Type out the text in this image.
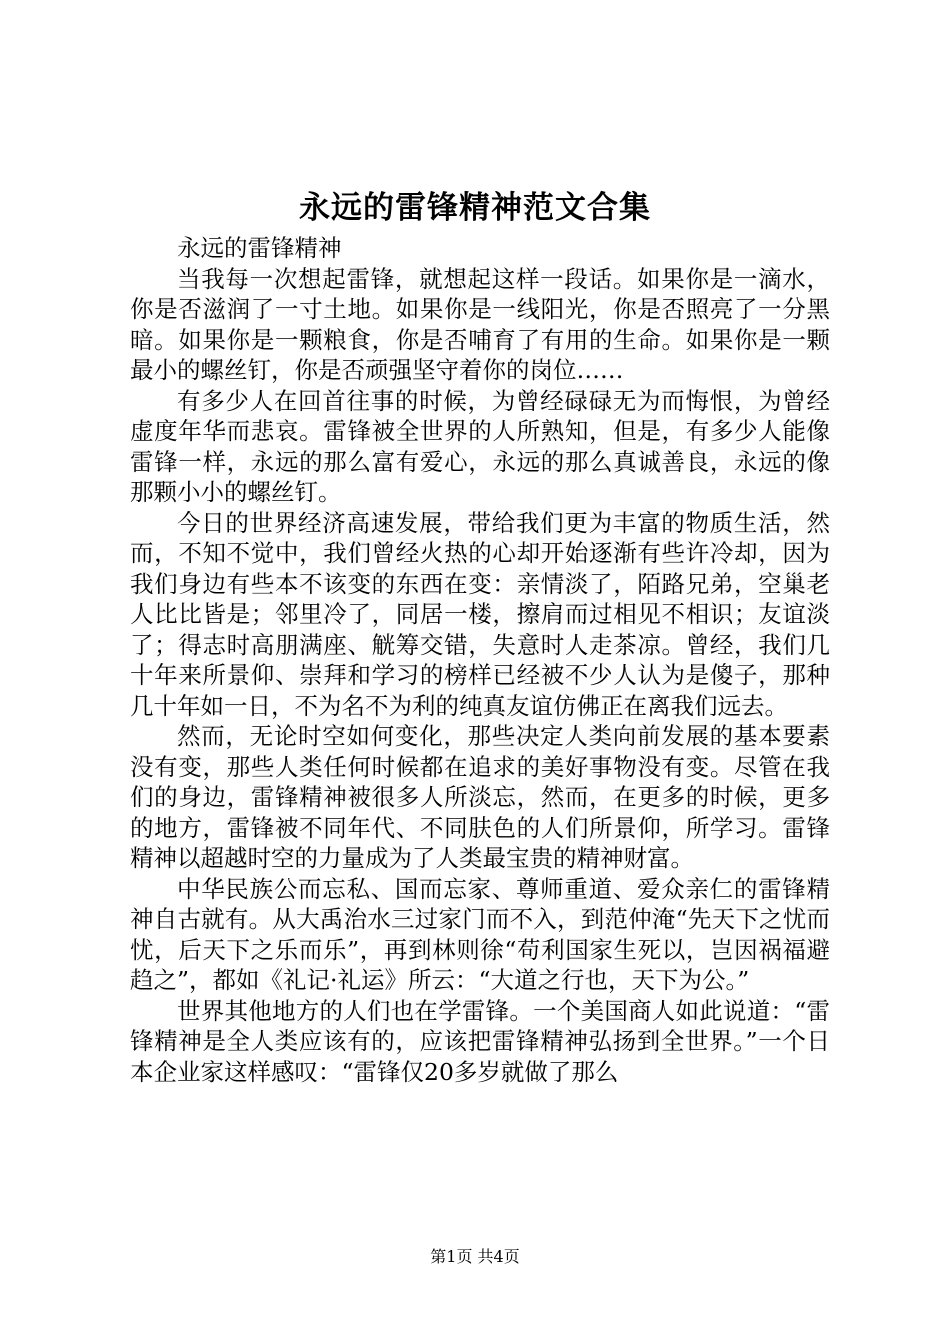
永远的雷锋精神范文合集

永远的雷锋精神

当我每一次想起雷锋，就想起这样一段话。如果你是一滴水，你是否滋润了一寸土地。如果你是一线阳光，你是否照亮了一分黑暗。如果你是一颗粮食，你是否哺育了有用的生命。如果你是一颗最小的螺丝钉，你是否顽强坚守着你的岗位……

有多少人在回首往事的时候，为曾经碌碌无为而悔恨，为曾经虚度年华而悲哀。雷锋被全世界的人所熟知，但是，有多少人能像雷锋一样，永远的那么富有爱心，永远的那么真诚善良，永远的像那颗小小的螺丝钉。

今日的世界经济高速发展，带给我们更为丰富的物质生活，然而，不知不觉中，我们曾经火热的心却开始逐渐有些许冷却，因为我们身边有些本不该变的东西在变：亲情淡了，陌路兄弟，空巢老人比比皆是；邻里冷了，同居一楼，擦肩而过相见不相识；友谊淡了；得志时高朋满座、觥筹交错，失意时人走茶凉。曾经，我们几十年来所景仰、崇拜和学习的榜样已经被不少人认为是傻子，那种几十年如一日，不为名不为利的纯真友谊仿佛正在离我们远去。

然而，无论时空如何变化，那些决定人类向前发展的基本要素没有变，那些人类任何时候都在追求的美好事物没有变。尽管在我们的身边，雷锋精神被很多人所淡忘，然而，在更多的时候，更多的地方，雷锋被不同年代、不同肤色的人们所景仰，所学习。雷锋精神以超越时空的力量成为了人类最宝贵的精神财富。

中华民族公而忘私、国而忘家、尊师重道、爱众亲仁的雷锋精神自古就有。从大禹治水三过家门而不入，到范仲淹“先天下之忧而忧，后天下之乐而乐”，再到林则徐“苟利国家生死以，岂因祸福避趋之”，都如《礼记·礼运》所云：“大道之行也，天下为公。”

世界其他地方的人们也在学雷锋。一个美国商人如此说道：“雷锋精神是全人类应该有的，应该把雷锋精神弘扬到全世界。”一个日本企业家这样感叹：“雷锋仅20多岁就做了那么

第1页 共4页
